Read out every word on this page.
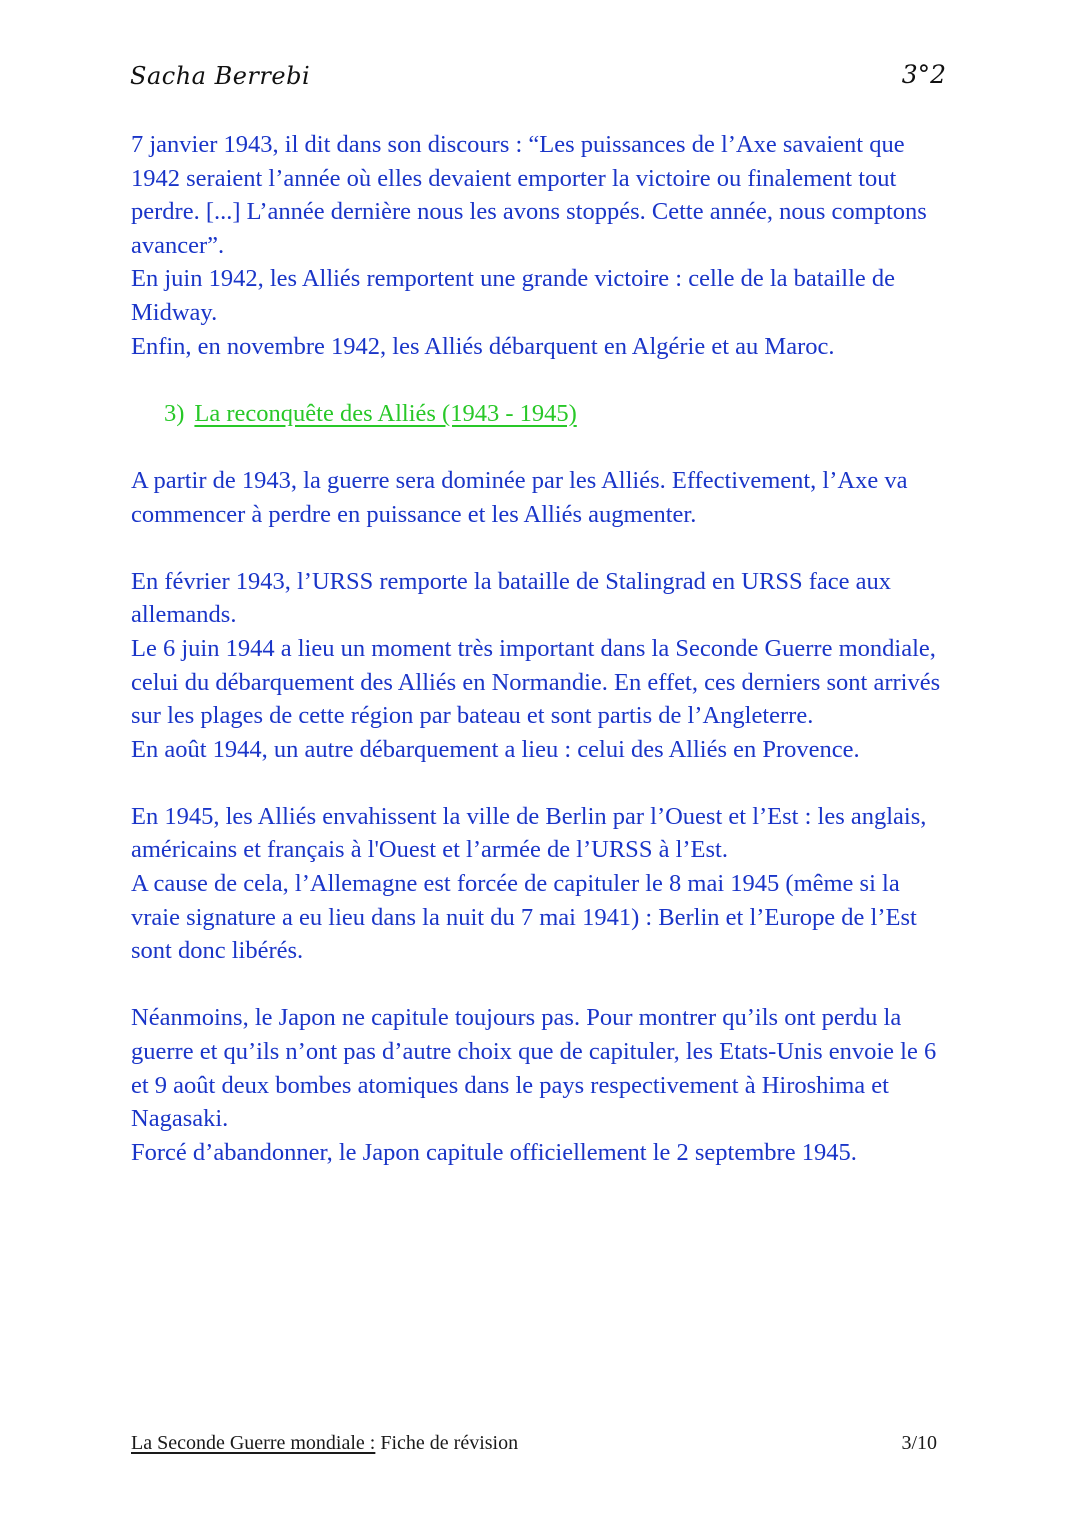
Sacha Berrebi	3°2

7 janvier 1943, il dit dans son discours : “Les puissances de l’Axe savaient que 1942 seraient l’année où elles devaient emporter la victoire ou finalement tout perdre. [...] L’année dernière nous les avons stoppés. Cette année, nous comptons avancer”.

En juin 1942, les Alliés remportent une grande victoire : celle de la bataille de Midway.

Enfin, en novembre 1942, les Alliés débarquent en Algérie et au Maroc.

3) La reconquête des Alliés (1943 - 1945)

A partir de 1943, la guerre sera dominée par les Alliés. Effectivement, l’Axe va commencer à perdre en puissance et les Alliés augmenter.

En février 1943, l’URSS remporte la bataille de Stalingrad en URSS face aux allemands.

Le 6 juin 1944 a lieu un moment très important dans la Seconde Guerre mondiale, celui du débarquement des Alliés en Normandie. En effet, ces derniers sont arrivés sur les plages de cette région par bateau et sont partis de l’Angleterre.

En août 1944, un autre débarquement a lieu : celui des Alliés en Provence.

En 1945, les Alliés envahissent la ville de Berlin par l’Ouest et l’Est : les anglais, américains et français à l'Ouest et l’armée de l’URSS à l’Est.

A cause de cela, l’Allemagne est forcée de capituler le 8 mai 1945 (même si la vraie signature a eu lieu dans la nuit du 7 mai 1941) : Berlin et l’Europe de l’Est sont donc libérés.

Néanmoins, le Japon ne capitule toujours pas. Pour montrer qu’ils ont perdu la guerre et qu’ils n’ont pas d’autre choix que de capituler, les Etats-Unis envoie le 6 et 9 août deux bombes atomiques dans le pays respectivement à Hiroshima et Nagasaki.

Forcé d’abandonner, le Japon capitule officiellement le 2 septembre 1945.

La Seconde Guerre mondiale : Fiche de révision	3/10
